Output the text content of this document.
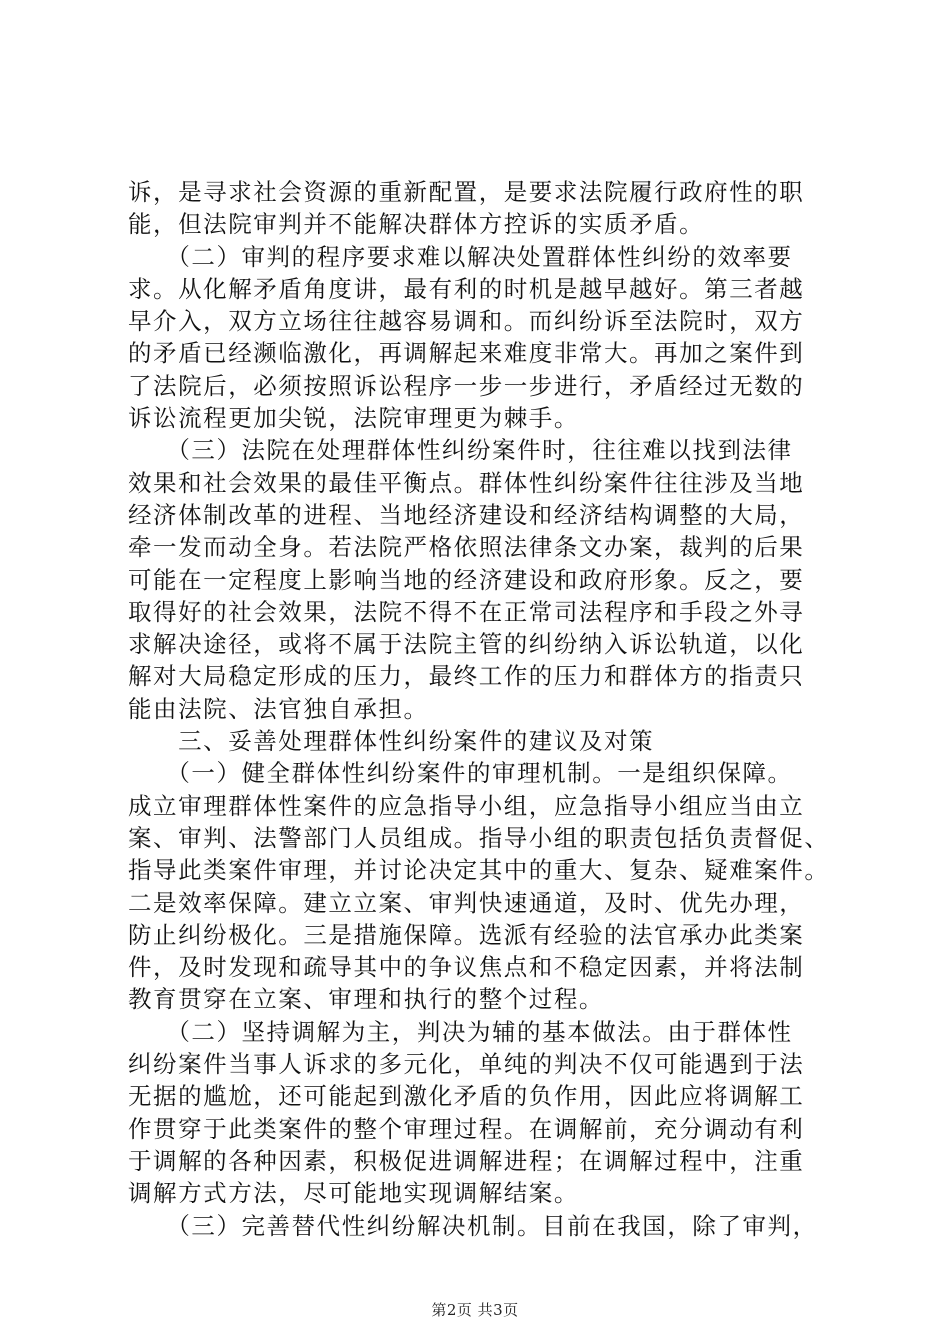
诉，是寻求社会资源的重新配置，是要求法院履行政府性的职
能，但法院审判并不能解决群体方控诉的实质矛盾。
　　（二）审判的程序要求难以解决处置群体性纠纷的效率要
求。从化解矛盾角度讲，最有利的时机是越早越好。第三者越
早介入，双方立场往往越容易调和。而纠纷诉至法院时，双方
的矛盾已经濒临激化，再调解起来难度非常大。再加之案件到
了法院后，必须按照诉讼程序一步一步进行，矛盾经过无数的
诉讼流程更加尖锐，法院审理更为棘手。
　　（三）法院在处理群体性纠纷案件时，往往难以找到法律
效果和社会效果的最佳平衡点。群体性纠纷案件往往涉及当地
经济体制改革的进程、当地经济建设和经济结构调整的大局，
牵一发而动全身。若法院严格依照法律条文办案，裁判的后果
可能在一定程度上影响当地的经济建设和政府形象。反之，要
取得好的社会效果，法院不得不在正常司法程序和手段之外寻
求解决途径，或将不属于法院主管的纠纷纳入诉讼轨道，以化
解对大局稳定形成的压力，最终工作的压力和群体方的指责只
能由法院、法官独自承担。
　　三、妥善处理群体性纠纷案件的建议及对策
　　（一）健全群体性纠纷案件的审理机制。一是组织保障。
成立审理群体性案件的应急指导小组，应急指导小组应当由立
案、审判、法警部门人员组成。指导小组的职责包括负责督促、
指导此类案件审理，并讨论决定其中的重大、复杂、疑难案件。
二是效率保障。建立立案、审判快速通道，及时、优先办理，
防止纠纷极化。三是措施保障。选派有经验的法官承办此类案
件，及时发现和疏导其中的争议焦点和不稳定因素，并将法制
教育贯穿在立案、审理和执行的整个过程。
　　（二）坚持调解为主，判决为辅的基本做法。由于群体性
纠纷案件当事人诉求的多元化，单纯的判决不仅可能遇到于法
无据的尴尬，还可能起到激化矛盾的负作用，因此应将调解工
作贯穿于此类案件的整个审理过程。在调解前，充分调动有利
于调解的各种因素，积极促进调解进程；在调解过程中，注重
调解方式方法，尽可能地实现调解结案。
　　（三）完善替代性纠纷解决机制。目前在我国，除了审判，
第2页 共3页
